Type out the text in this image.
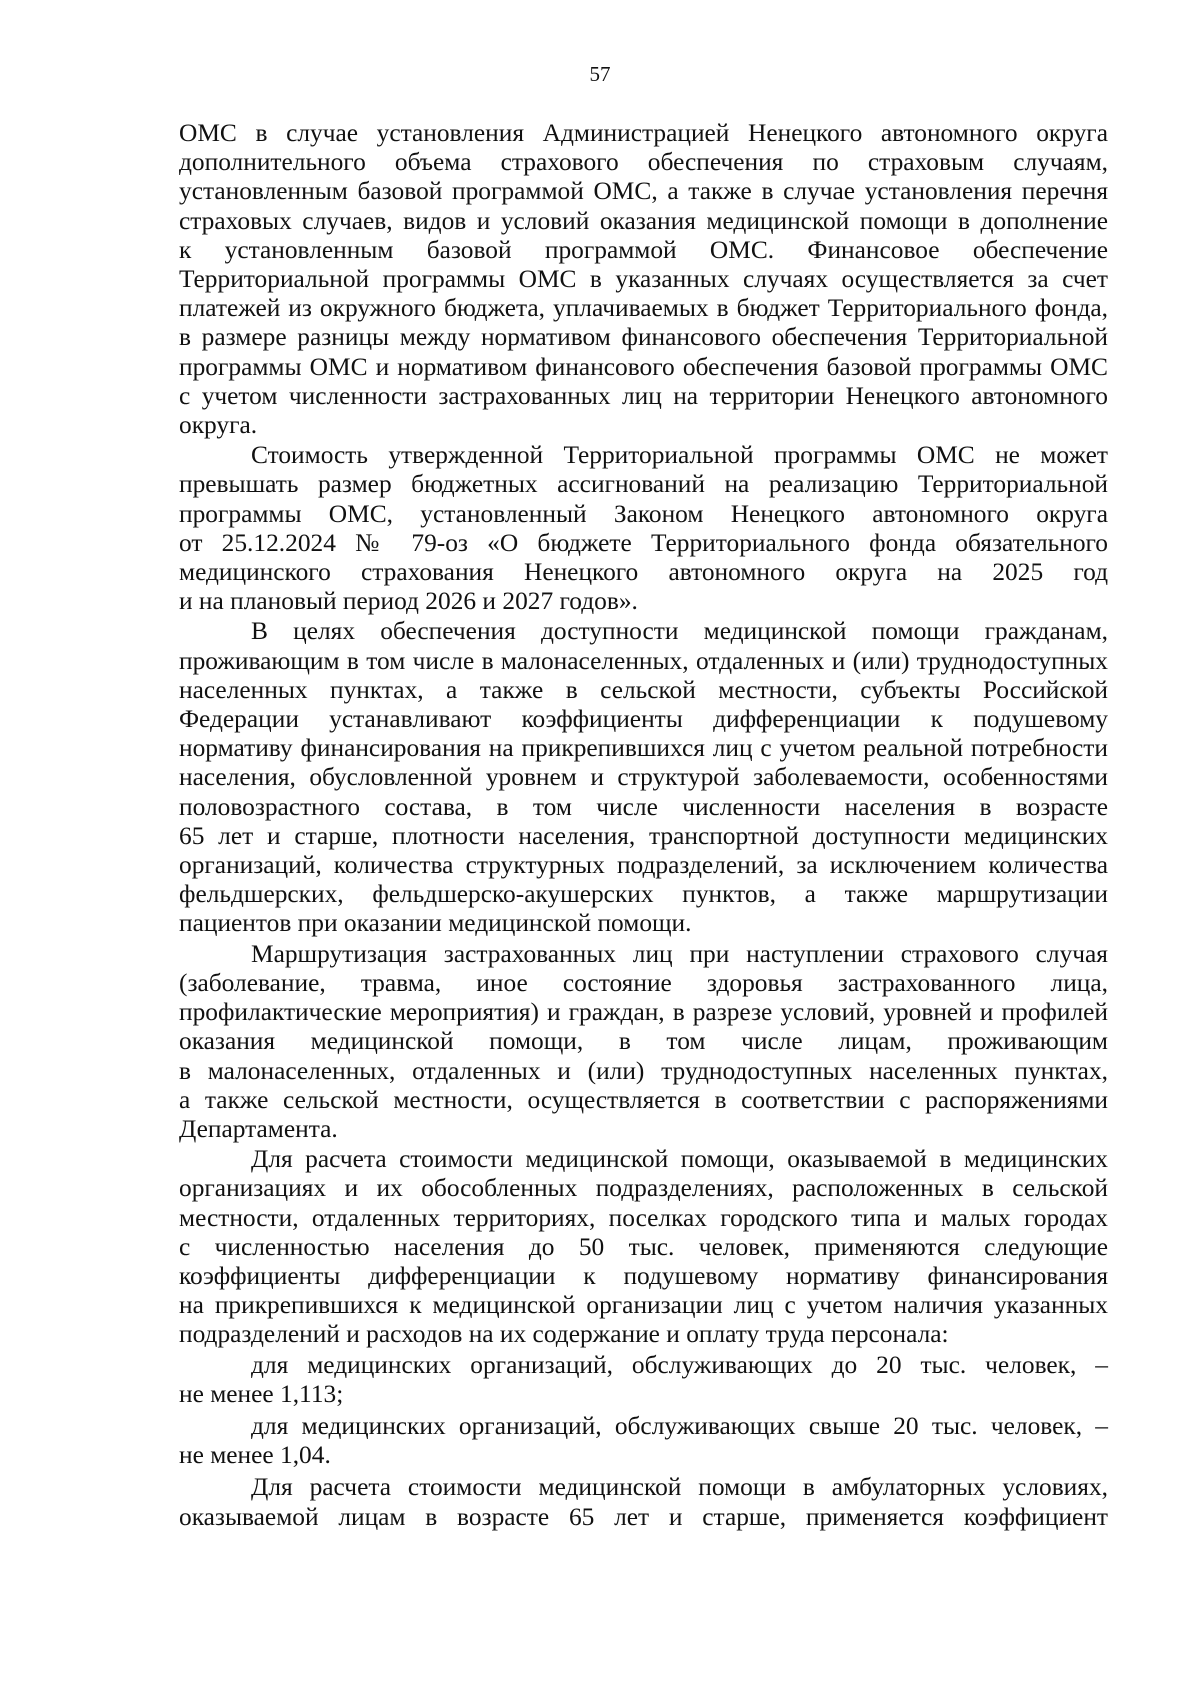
57
ОМС в случае установления Администрацией Ненецкого автономного округа
дополнительного объема страхового обеспечения по страховым случаям,
установленным базовой программой ОМС, а также в случае установления перечня
страховых случаев, видов и условий оказания медицинской помощи в дополнение
к установленным базовой программой ОМС. Финансовое обеспечение
Территориальной программы ОМС в указанных случаях осуществляется за счет
платежей из окружного бюджета, уплачиваемых в бюджет Территориального фонда,
в размере разницы между нормативом финансового обеспечения Территориальной
программы ОМС и нормативом финансового обеспечения базовой программы ОМС
с учетом численности застрахованных лиц на территории Ненецкого автономного
округа.
Стоимость утвержденной Территориальной программы ОМС не может
превышать размер бюджетных ассигнований на реализацию Территориальной
программы ОМС, установленный Законом Ненецкого автономного округа
от 25.12.2024 № 79-оз «О бюджете Территориального фонда обязательного
медицинского страхования Ненецкого автономного округа на 2025 год
и на плановый период 2026 и 2027 годов».
В целях обеспечения доступности медицинской помощи гражданам,
проживающим в том числе в малонаселенных, отдаленных и (или) труднодоступных
населенных пунктах, а также в сельской местности, субъекты Российской
Федерации устанавливают коэффициенты дифференциации к подушевому
нормативу финансирования на прикрепившихся лиц с учетом реальной потребности
населения, обусловленной уровнем и структурой заболеваемости, особенностями
половозрастного состава, в том числе численности населения в возрасте
65 лет и старше, плотности населения, транспортной доступности медицинских
организаций, количества структурных подразделений, за исключением количества
фельдшерских, фельдшерско-акушерских пунктов, а также маршрутизации
пациентов при оказании медицинской помощи.
Маршрутизация застрахованных лиц при наступлении страхового случая
(заболевание, травма, иное состояние здоровья застрахованного лица,
профилактические мероприятия) и граждан, в разрезе условий, уровней и профилей
оказания медицинской помощи, в том числе лицам, проживающим
в малонаселенных, отдаленных и (или) труднодоступных населенных пунктах,
а также сельской местности, осуществляется в соответствии с распоряжениями
Департамента.
Для расчета стоимости медицинской помощи, оказываемой в медицинских
организациях и их обособленных подразделениях, расположенных в сельской
местности, отдаленных территориях, поселках городского типа и малых городах
с численностью населения до 50 тыс. человек, применяются следующие
коэффициенты дифференциации к подушевому нормативу финансирования
на прикрепившихся к медицинской организации лиц с учетом наличия указанных
подразделений и расходов на их содержание и оплату труда персонала:
для медицинских организаций, обслуживающих до 20 тыс. человек, –
не менее 1,113;
для медицинских организаций, обслуживающих свыше 20 тыс. человек, –
не менее 1,04.
Для расчета стоимости медицинской помощи в амбулаторных условиях,
оказываемой лицам в возрасте 65 лет и старше, применяется коэффициент
